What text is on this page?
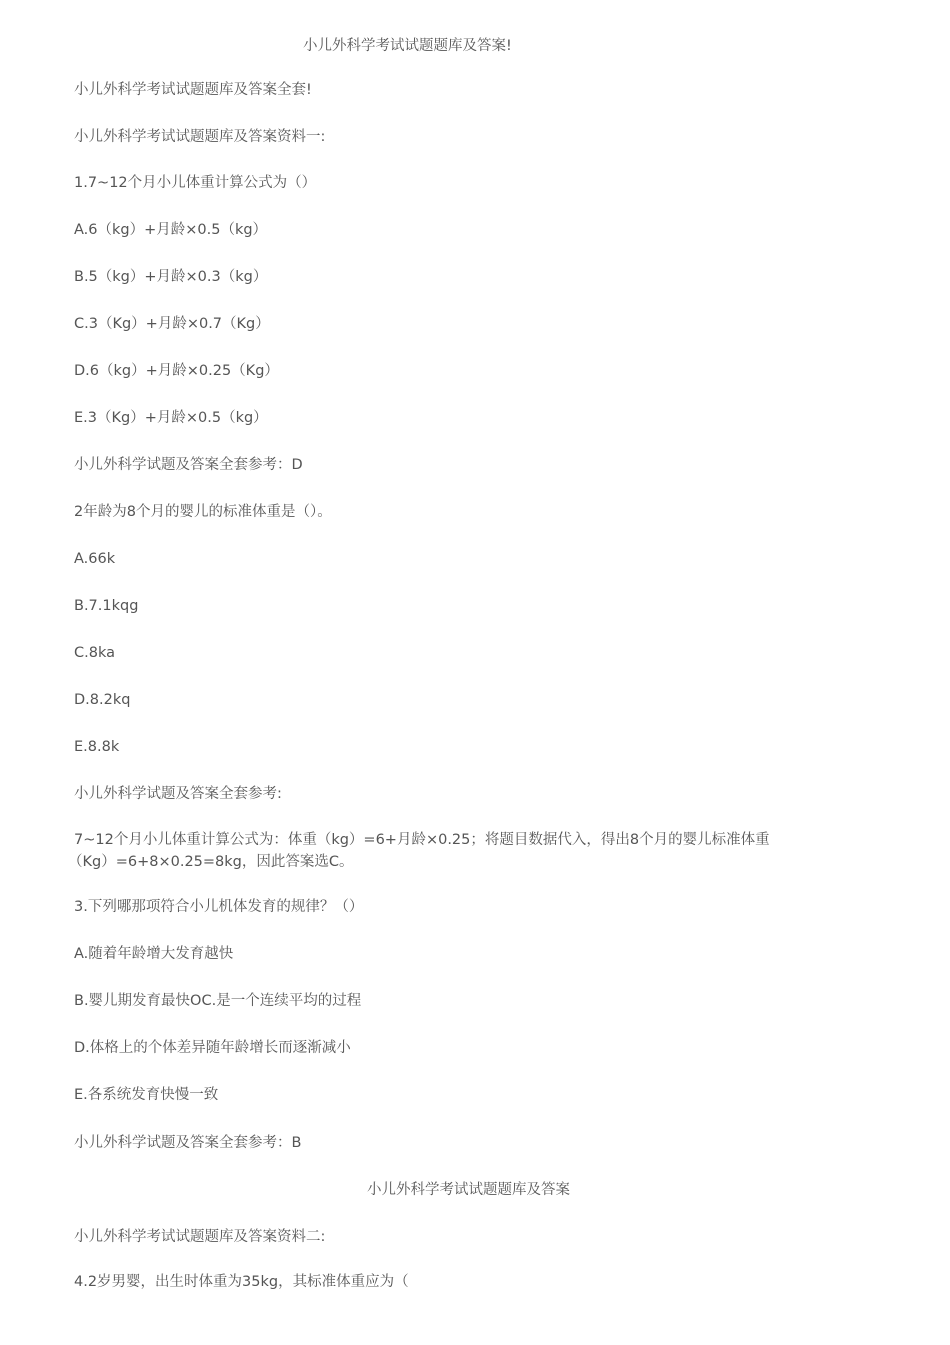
小儿外科学考试试题题库及答案!
小儿外科学考试试题题库及答案全套!
小儿外科学考试试题题库及答案资料一:
1.7~12个月小儿体重计算公式为（）
A.6（kg）+月龄×0.5（kg）
B.5（kg）+月龄×0.3（kg）
C.3（Kg）+月龄×0.7（Kg）
D.6（kg）+月龄×0.25（Kg）
E.3（Kg）+月龄×0.5（kg）
小儿外科学试题及答案全套参考：D
2年龄为8个月的婴儿的标准体重是（）。
A.66k
B.7.1kqg
C.8ka
D.8.2kq
E.8.8k
小儿外科学试题及答案全套参考:
7~12个月小儿体重计算公式为：体重（kg）=6+月龄×0.25；将题目数据代入，得出8个月的婴儿标准体重
（Kg）=6+8×0.25=8kg，因此答案选C。
3.下列哪那项符合小儿机体发育的规律？（）
A.随着年龄增大发育越快
B.婴儿期发育最快OC.是一个连续平均的过程
D.体格上的个体差异随年龄增长而逐渐减小
E.各系统发育快慢一致
小儿外科学试题及答案全套参考：B
小儿外科学考试试题题库及答案
小儿外科学考试试题题库及答案资料二:
4.2岁男婴，出生时体重为35kg，其标准体重应为（
